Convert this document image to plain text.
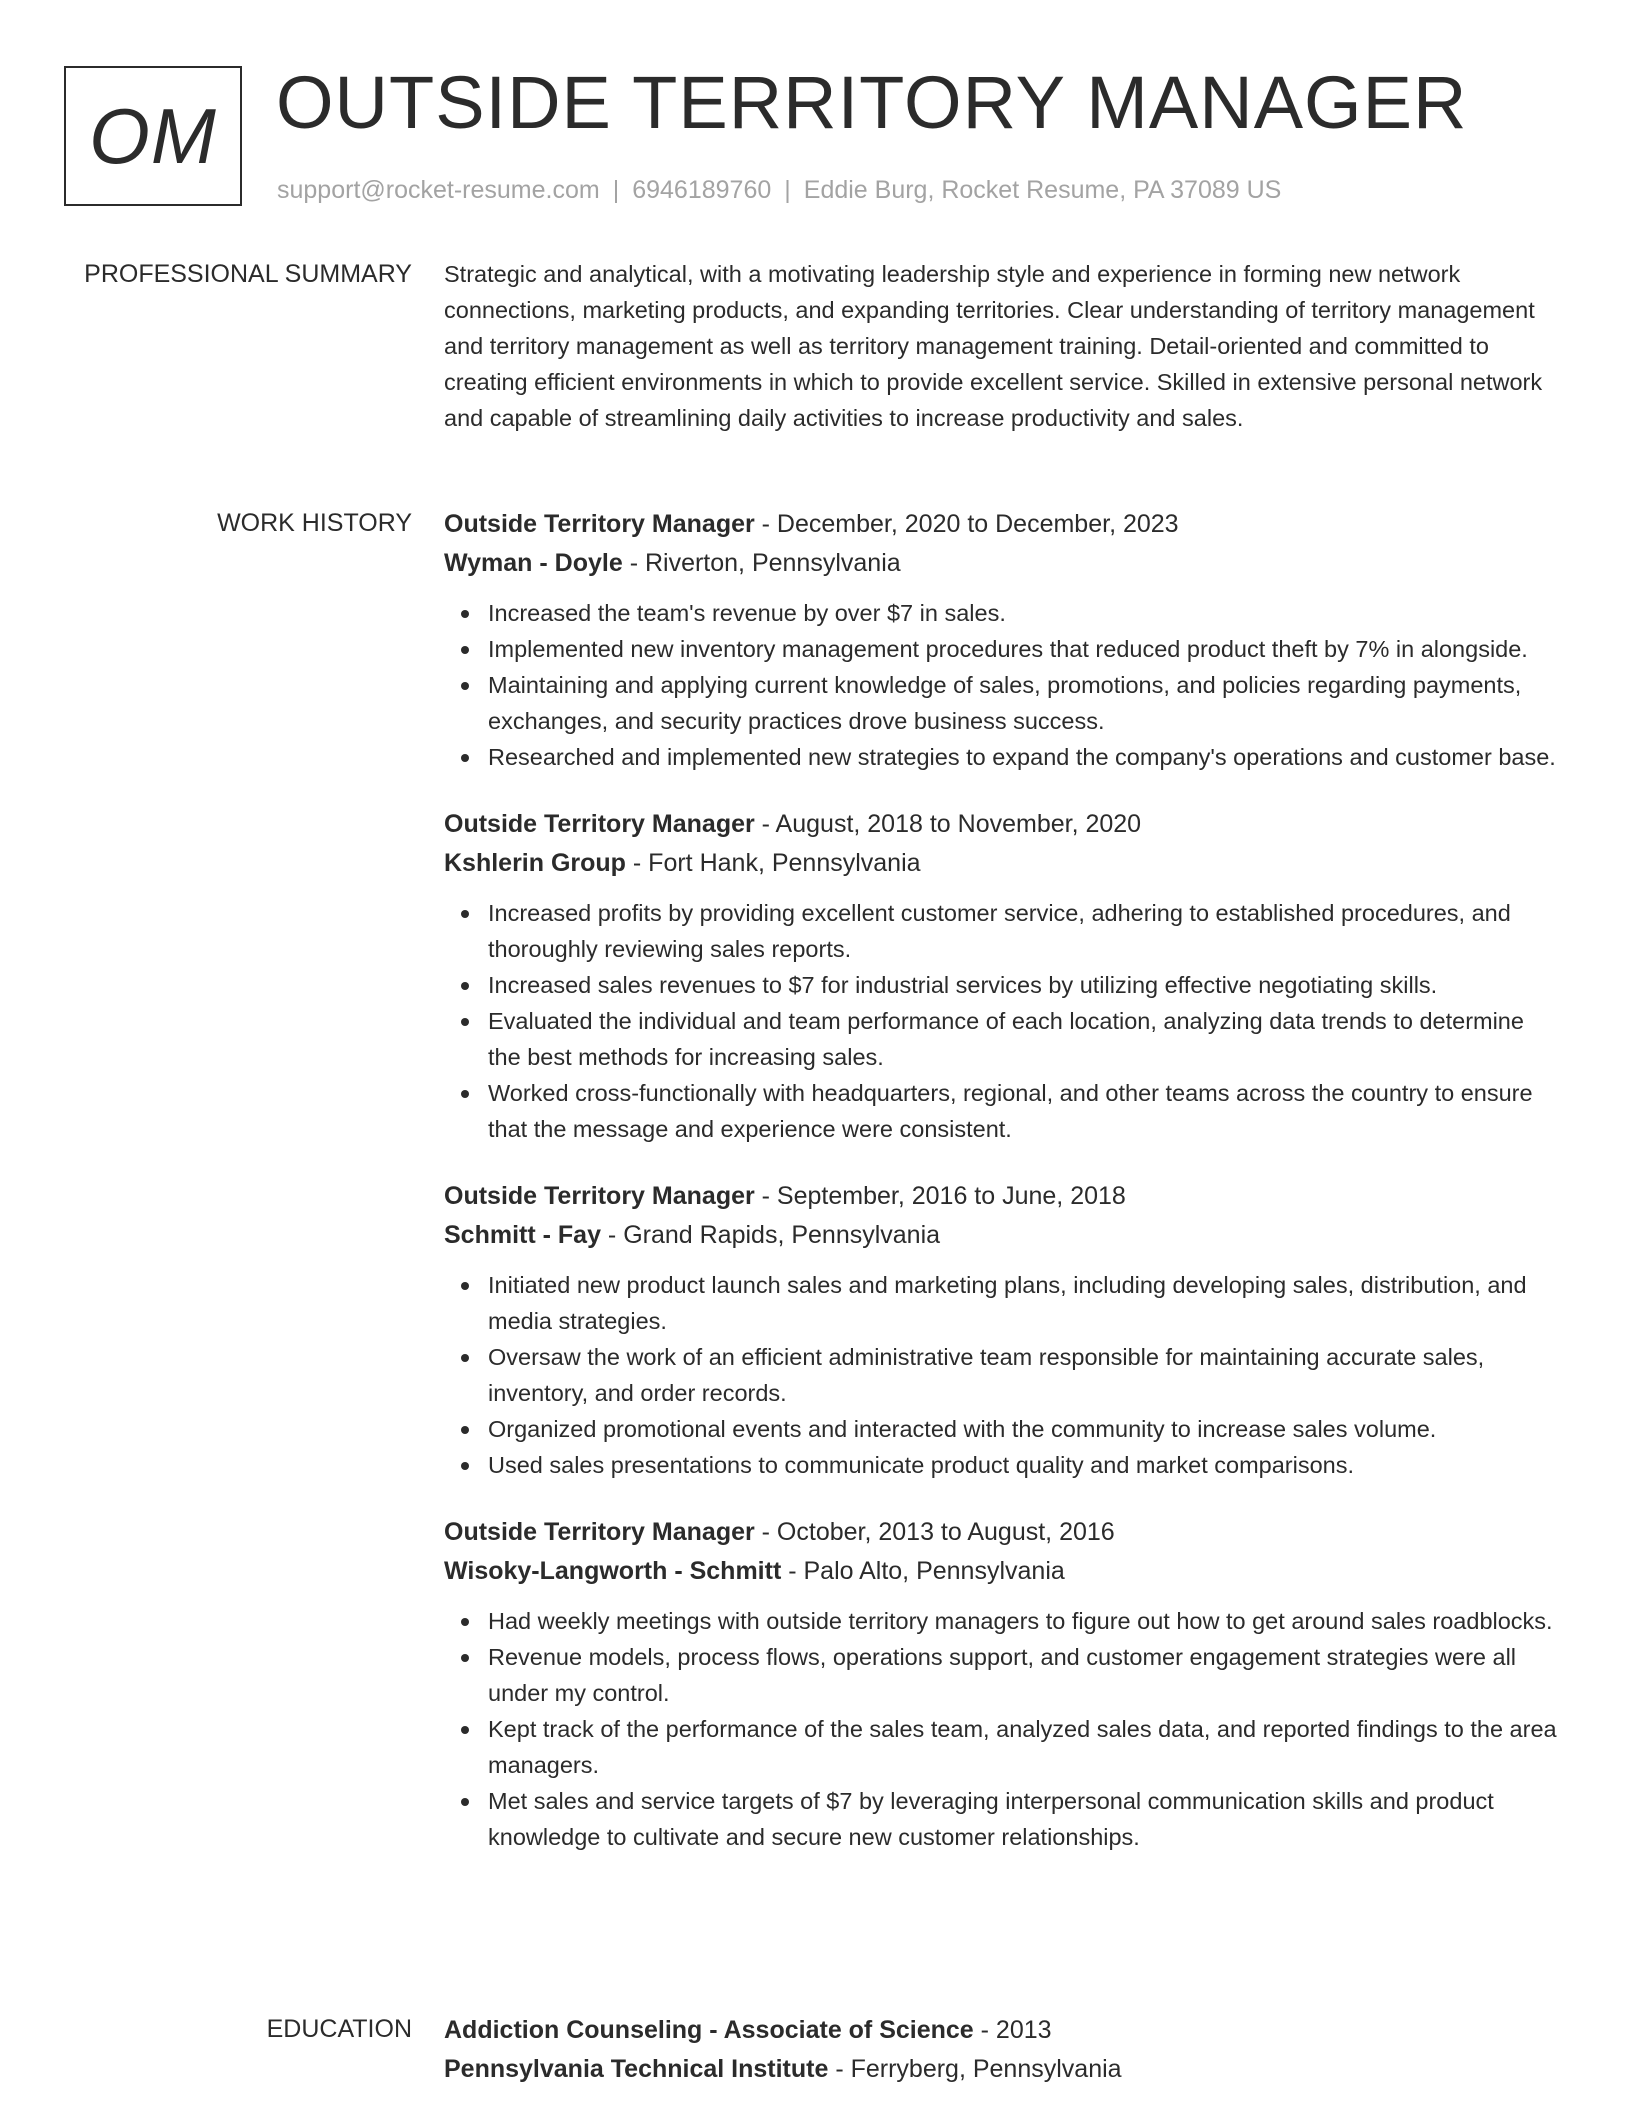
OM OUTSIDE TERRITORY MANAGER
support@rocket-resume.com | 6946189760 | Eddie Burg, Rocket Resume, PA 37089 US
PROFESSIONAL SUMMARY Strategic and analytical, with a motivating leadership style and experience in forming new network connections, marketing products, and expanding territories. Clear understanding of territory management and territory management as well as territory management training. Detail-oriented and committed to creating efficient environments in which to provide excellent service. Skilled in extensive personal network and capable of streamlining daily activities to increase productivity and sales.

WORK HISTORY Outside Territory Manager - December, 2020 to December, 2023
Wyman - Doyle - Riverton, Pennsylvania
Increased the team's revenue by over $7 in sales.
Implemented new inventory management procedures that reduced product theft by 7% in alongside.
Maintaining and applying current knowledge of sales, promotions, and policies regarding payments, exchanges, and security practices drove business success.
Researched and implemented new strategies to expand the company's operations and customer base.
Outside Territory Manager - August, 2018 to November, 2020
Kshlerin Group - Fort Hank, Pennsylvania
Increased profits by providing excellent customer service, adhering to established procedures, and thoroughly reviewing sales reports.
Increased sales revenues to $7 for industrial services by utilizing effective negotiating skills.
Evaluated the individual and team performance of each location, analyzing data trends to determine the best methods for increasing sales.
Worked cross-functionally with headquarters, regional, and other teams across the country to ensure that the message and experience were consistent.
Outside Territory Manager - September, 2016 to June, 2018
Schmitt - Fay - Grand Rapids, Pennsylvania
Initiated new product launch sales and marketing plans, including developing sales, distribution, and media strategies.
Oversaw the work of an efficient administrative team responsible for maintaining accurate sales, inventory, and order records.
Organized promotional events and interacted with the community to increase sales volume.
Used sales presentations to communicate product quality and market comparisons.
Outside Territory Manager - October, 2013 to August, 2016
Wisoky-Langworth - Schmitt - Palo Alto, Pennsylvania
Had weekly meetings with outside territory managers to figure out how to get around sales roadblocks.
Revenue models, process flows, operations support, and customer engagement strategies were all under my control.
Kept track of the performance of the sales team, analyzed sales data, and reported findings to the area managers.
Met sales and service targets of $7 by leveraging interpersonal communication skills and product knowledge to cultivate and secure new customer relationships.
EDUCATION Addiction Counseling - Associate of Science - 2013
Pennsylvania Technical Institute - Ferryberg, Pennsylvania
